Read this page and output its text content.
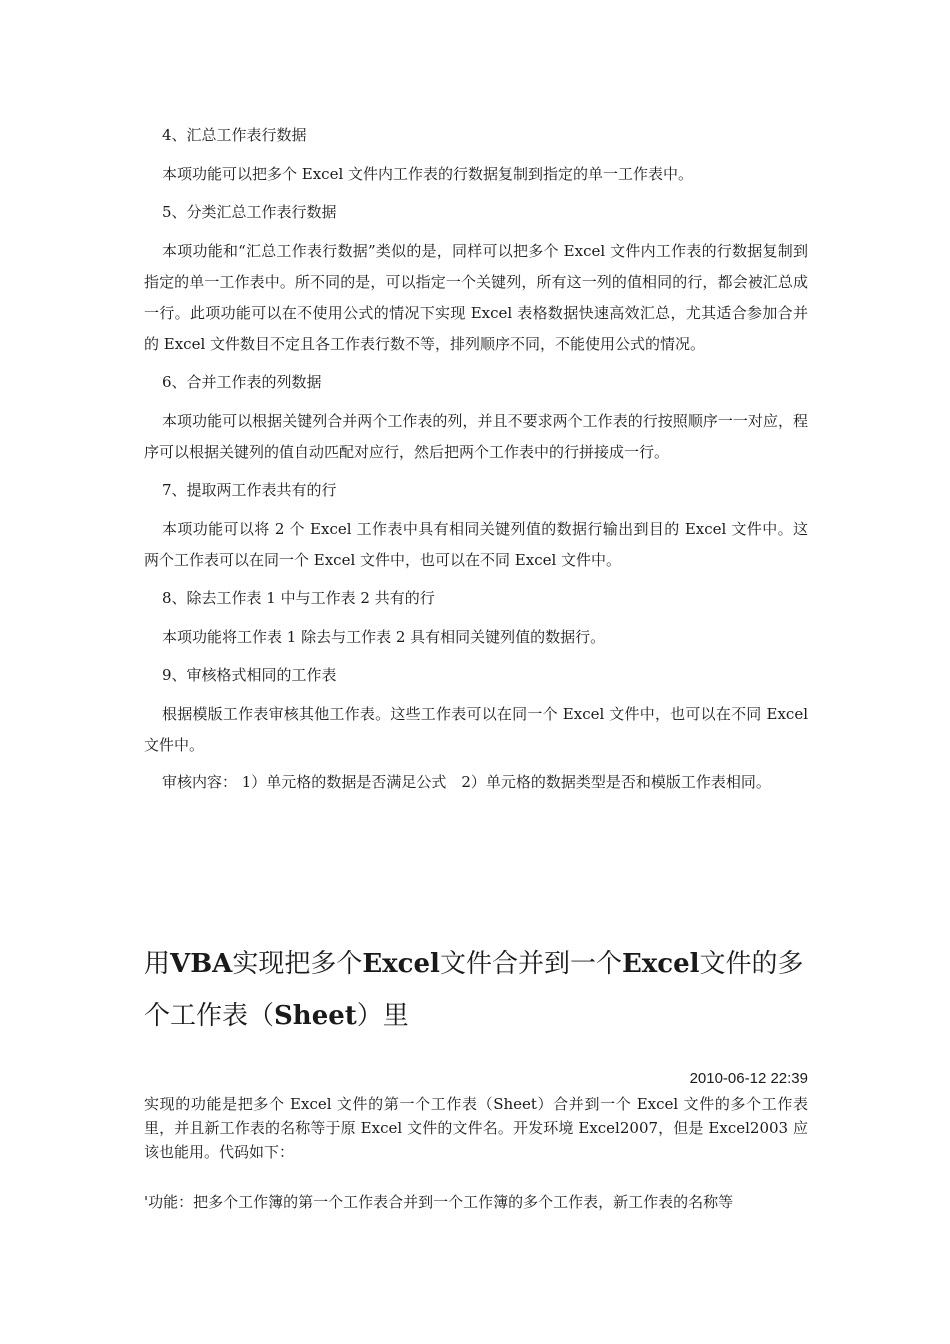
4、汇总工作表行数据

本项功能可以把多个 Excel 文件内工作表的行数据复制到指定的单一工作表中。

5、分类汇总工作表行数据

本项功能和“汇总工作表行数据”类似的是，同样可以把多个 Excel 文件内工作表的行数据复制到指定的单一工作表中。所不同的是，可以指定一个关键列，所有这一列的值相同的行，都会被汇总成一行。此项功能可以在不使用公式的情况下实现 Excel 表格数据快速高效汇总，尤其适合参加合并的 Excel 文件数目不定且各工作表行数不等，排列顺序不同，不能使用公式的情况。

6、合并工作表的列数据

本项功能可以根据关键列合并两个工作表的列，并且不要求两个工作表的行按照顺序一一对应，程序可以根据关键列的值自动匹配对应行，然后把两个工作表中的行拼接成一行。

7、提取两工作表共有的行

本项功能可以将 2 个 Excel 工作表中具有相同关键列值的数据行输出到目的 Excel 文件中。这两个工作表可以在同一个 Excel 文件中，也可以在不同 Excel 文件中。

8、除去工作表 1 中与工作表 2 共有的行

本项功能将工作表 1 除去与工作表 2 具有相同关键列值的数据行。

9、审核格式相同的工作表

根据模版工作表审核其他工作表。这些工作表可以在同一个 Excel 文件中，也可以在不同 Excel 文件中。

审核内容： 1）单元格的数据是否满足公式　2）单元格的数据类型是否和模版工作表相同。

用VBA实现把多个Excel文件合并到一个Excel文件的多个工作表（Sheet）里
2010-06-12 22:39

实现的功能是把多个 Excel 文件的第一个工作表（Sheet）合并到一个 Excel 文件的多个工作表里，并且新工作表的名称等于原 Excel 文件的文件名。开发环境 Excel2007，但是 Excel2003 应该也能用。代码如下：

'功能：把多个工作簿的第一个工作表合并到一个工作簿的多个工作表，新工作表的名称等
